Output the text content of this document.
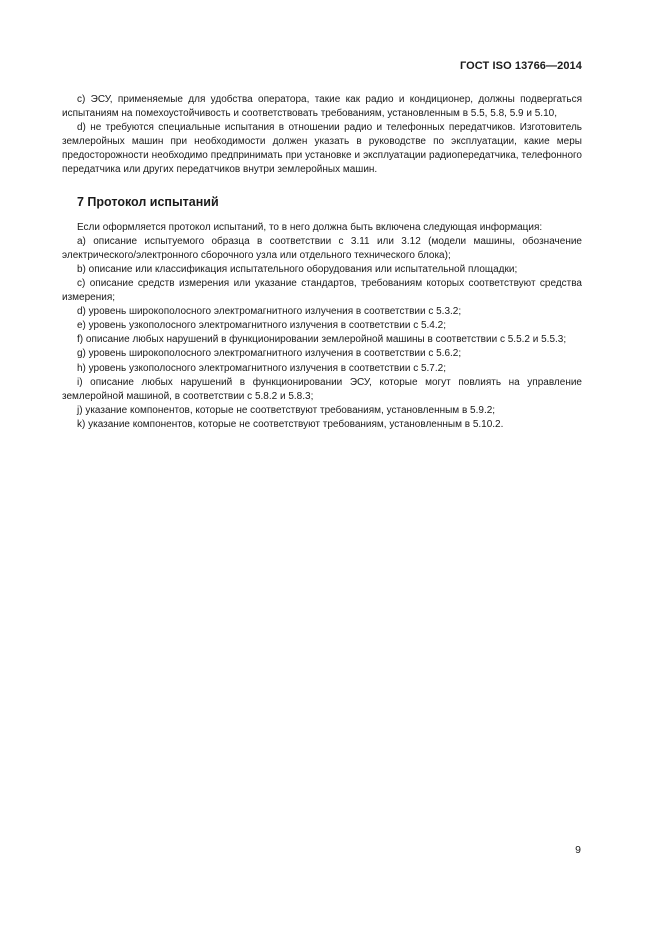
ГОСТ ISO 13766—2014

c) ЭСУ, применяемые для удобства оператора, такие как радио и кондиционер, должны подвергаться испытаниям на помехоустойчивость и соответствовать требованиям, установленным в 5.5, 5.8, 5.9 и 5.10,

d) не требуются специальные испытания в отношении радио и телефонных передатчиков. Изготовитель землеройных машин при необходимости должен указать в руководстве по эксплуатации, какие меры предосторожности необходимо предпринимать при установке и эксплуатации радиопередатчика, телефонного передатчика или других передатчиков внутри землеройных машин.

7 Протокол испытаний

Если оформляется протокол испытаний, то в него должна быть включена следующая информация:

a) описание испытуемого образца в соответствии с 3.11 или 3.12 (модели машины, обозначение электрического/электронного сборочного узла или отдельного технического блока);

b) описание или классификация испытательного оборудования или испытательной площадки;

c) описание средств измерения или указание стандартов, требованиям которых соответствуют средства измерения;

d) уровень широкополосного электромагнитного излучения в соответствии с 5.3.2;

e) уровень узкополосного электромагнитного излучения в соответствии с 5.4.2;

f) описание любых нарушений в функционировании землеройной машины в соответствии с 5.5.2 и 5.5.3;

g) уровень широкополосного электромагнитного излучения в соответствии с 5.6.2;

h) уровень узкополосного электромагнитного излучения в соответствии с 5.7.2;

i) описание любых нарушений в функционировании ЭСУ, которые могут повлиять на управление землеройной машиной, в соответствии с 5.8.2 и 5.8.3;

j) указание компонентов, которые не соответствуют требованиям, установленным в 5.9.2;

k) указание компонентов, которые не соответствуют требованиям, установленным в 5.10.2.

9
